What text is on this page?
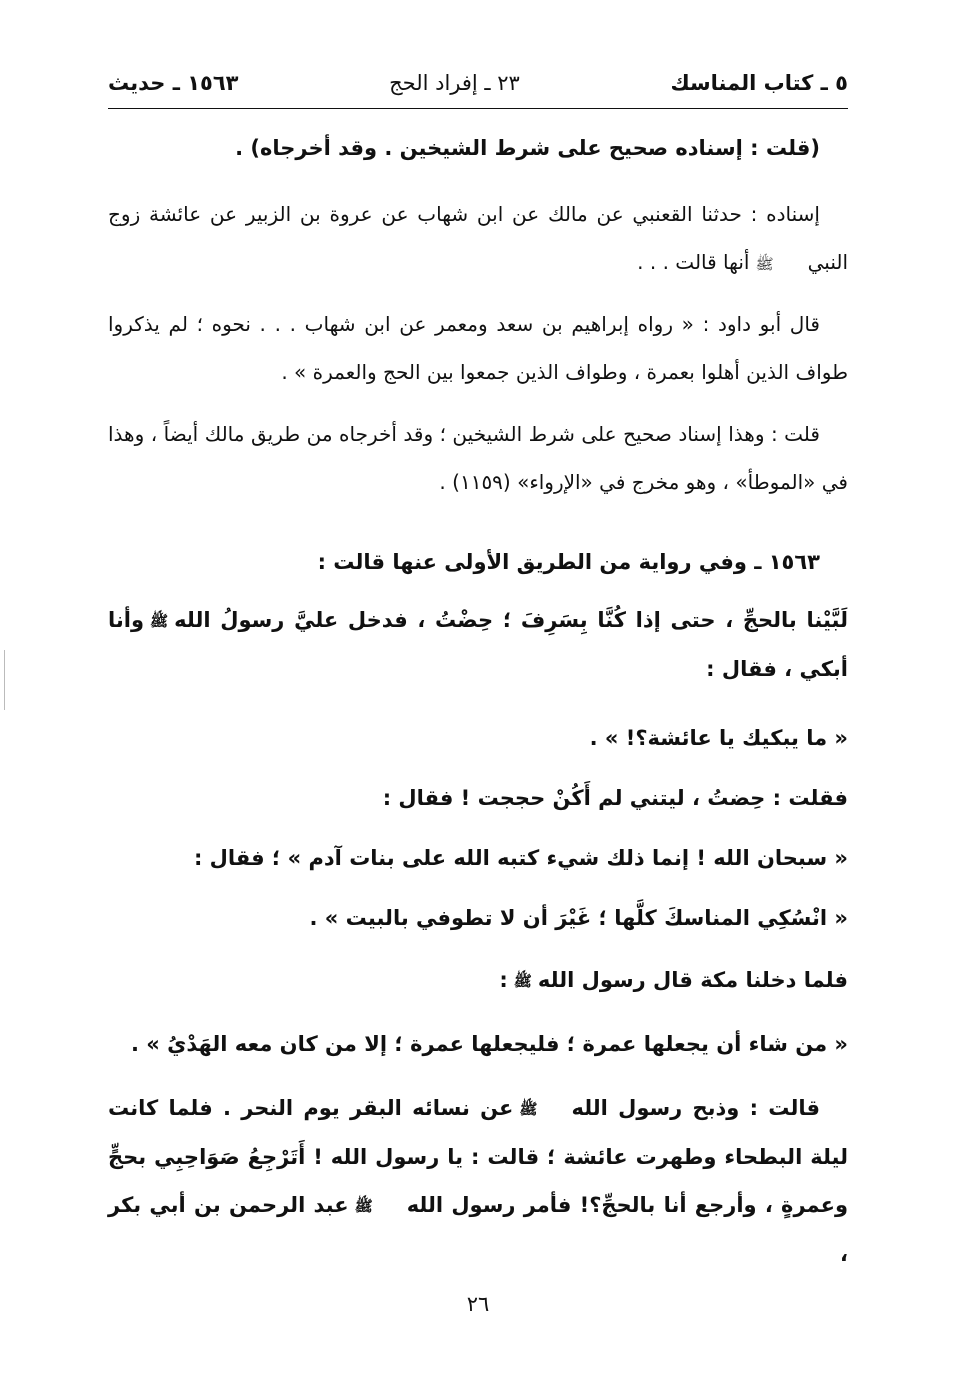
٥ ـ كتاب المناسك
٢٣ ـ إفراد الحج
١٥٦٣ ـ حديث

(قلت : إسناده صحيح على شرط الشيخين . وقد أخرجاه) .

إسناده : حدثنا القعنبي عن مالك عن ابن شهاب عن عروة بن الزبير عن عائشة زوج النبيﷺأنها قالت . . .

قال أبو داود : « رواه إبراهيم بن سعد ومعمر عن ابن شهاب . . . نحوه ؛ لم يذكروا طواف الذين أهلوا بعمرة ، وطواف الذين جمعوا بين الحج والعمرة » .

قلت : وهذا إسناد صحيح على شرط الشيخين ؛ وقد أخرجاه من طريق مالك أيضاً ، وهذا في «الموطأ» ، وهو مخرج في «الإرواء» (١١٥٩) .

١٥٦٣ ـ وفي رواية من الطريق الأولى عنها قالت :

لَبَّيْنا بالحجِّ ، حتى إذا كُنَّا بِسَرِفَ ؛ حِضْتُ ، فدخل عليَّ رسولُ اللهﷺوأنا أبكي ، فقال :

« ما يبكيك يا عائشة؟! » .

فقلت : حِضتُ ، ليتني لم أَكُنْ حججت ! فقال :

« سبحان الله ! إنما ذلك شيء كتبه الله على بنات آدم » ؛ فقال :

« انْسُكِي المناسكَ كلَّها ؛ غَيْرَ أن لا تطوفي بالبيت » .

فلما دخلنا مكة قال رسول اللهﷺ:

« من شاء أن يجعلها عمرة ؛ فليجعلها عمرة ؛ إلا من كان معه الهَدْيُ » .

قالت : وذبح رسول اللهﷺعن نسائه البقر يوم النحر . فلما كانت ليلة البطحاء وطهرت عائشة ؛ قالت : يا رسول الله ! أَتَرْجِعُ صَوَاحِبِي بحجٍّ وعمرةٍ ، وأرجع أنا بالحجِّ؟! فأمر رسول اللهﷺعبد الرحمن بن أبي بكر ،

٢٦
